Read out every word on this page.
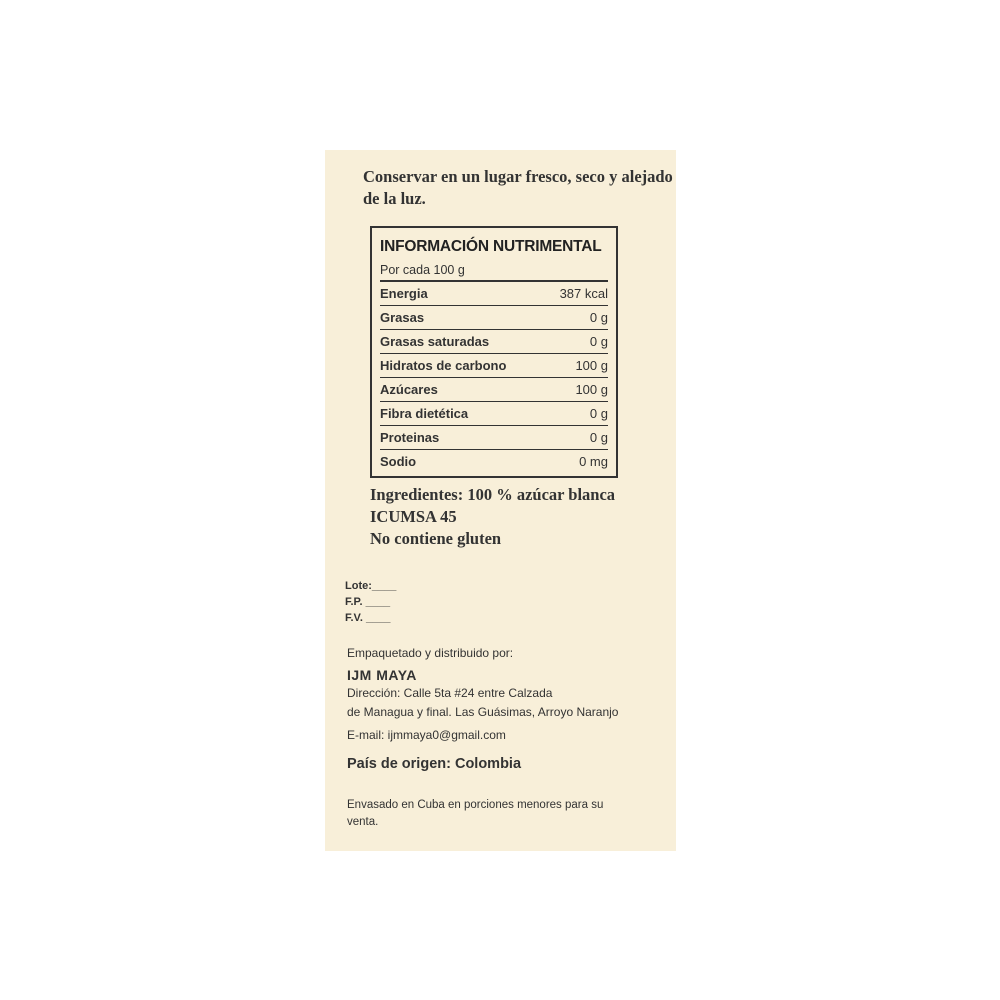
Conservar en un lugar fresco, seco y alejado de la luz.
INFORMACIÓN NUTRIMENTAL
Por cada 100 g
Energia	387 kcal
Grasas	0 g
Grasas saturadas	0 g
Hidratos de carbono	100 g
Azúcares	100 g
Fibra dietética	0 g
Proteinas	0 g
Sodio	0 mg
Ingredientes: 100 % azúcar blanca
ICUMSA 45
No contiene gluten
Lote:____
F.P. ____
F.V. ____
Empaquetado y distribuido por:
IJM MAYA
Dirección: Calle 5ta #24 entre Calzada
de Managua y final. Las Guásimas, Arroyo Naranjo
E-mail: ijmmaya0@gmail.com
País de origen: Colombia
Envasado en Cuba en porciones menores para su venta.
